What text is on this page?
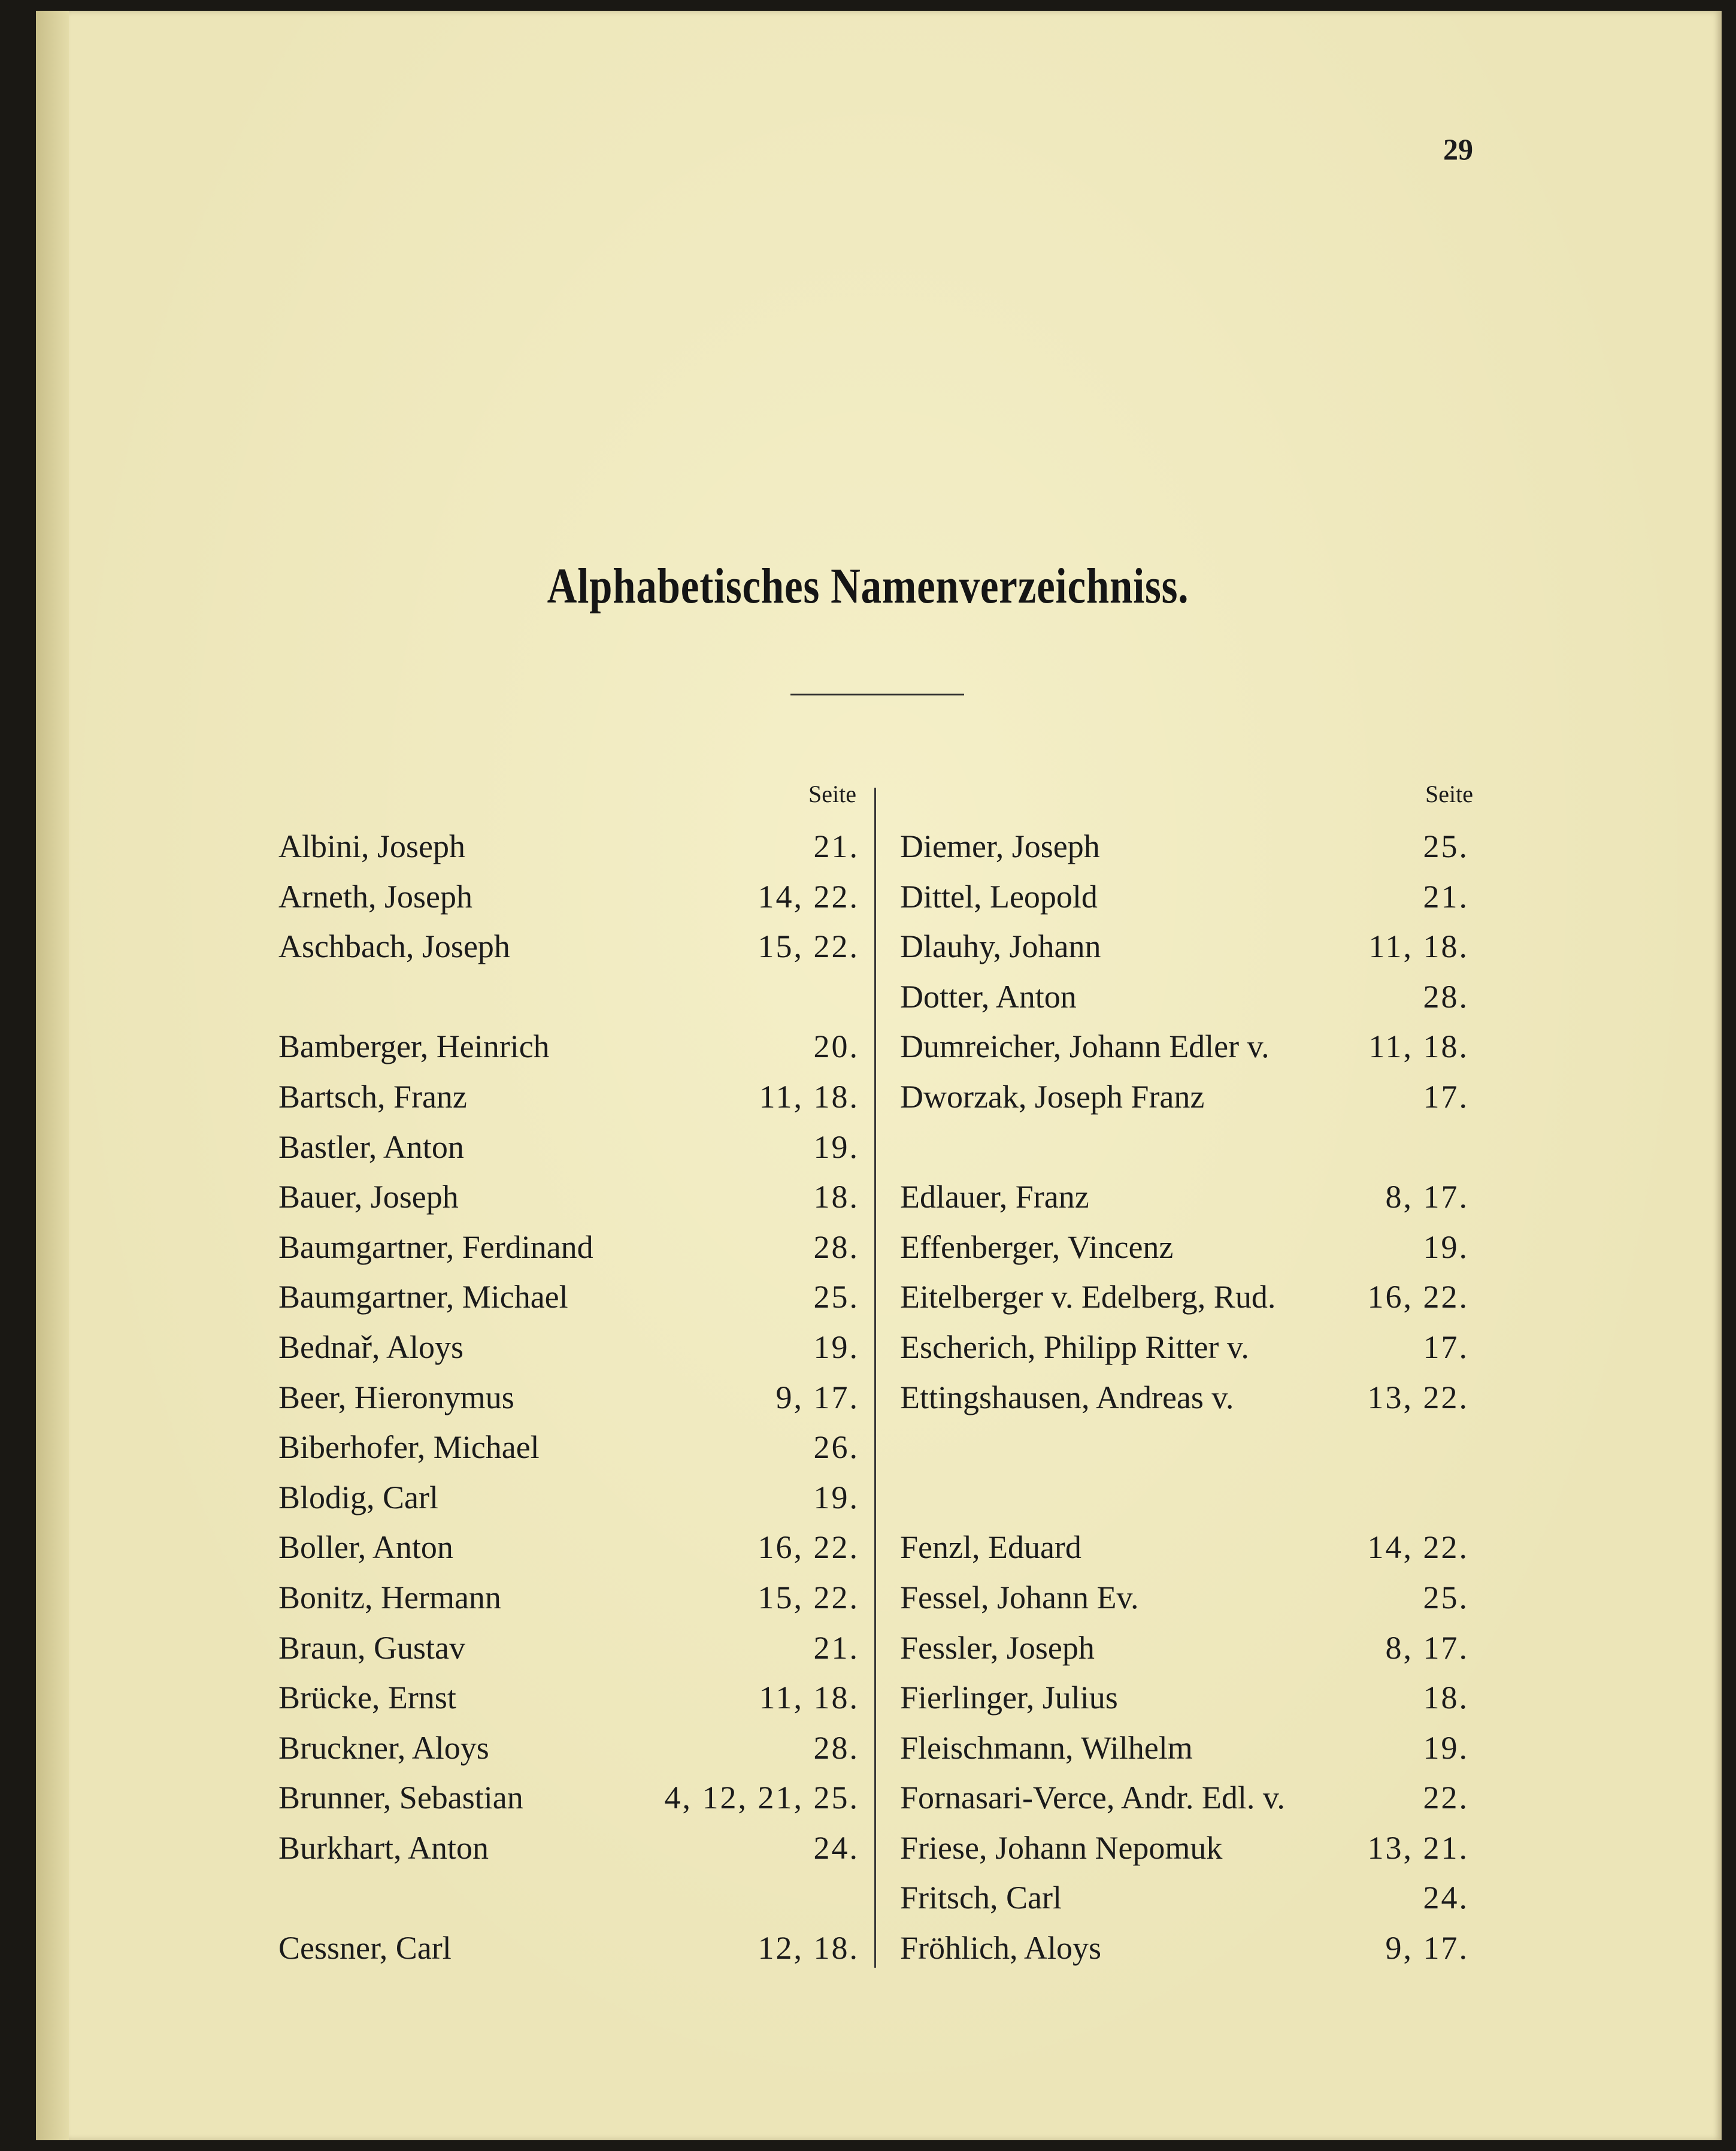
29
Alphabetisches Namenverzeichniss.
Seite	Seite
Albini, Joseph	21.
Arneth, Joseph	14, 22.
Aschbach, Joseph	15, 22.
Bamberger, Heinrich	20.
Bartsch, Franz	11, 18.
Bastler, Anton	19.
Bauer, Joseph	18.
Baumgartner, Ferdinand	28.
Baumgartner, Michael	25.
Bednař, Aloys	19.
Beer, Hieronymus	9, 17.
Biberhofer, Michael	26.
Blodig, Carl	19.
Boller, Anton	16, 22.
Bonitz, Hermann	15, 22.
Braun, Gustav	21.
Brücke, Ernst	11, 18.
Bruckner, Aloys	28.
Brunner, Sebastian	4, 12, 21, 25.
Burkhart, Anton	24.
Cessner, Carl	12, 18.
Diemer, Joseph	25.
Dittel, Leopold	21.
Dlauhy, Johann	11, 18.
Dotter, Anton	28.
Dumreicher, Johann Edler v.	11, 18.
Dworzak, Joseph Franz	17.
Edlauer, Franz	8, 17.
Effenberger, Vincenz	19.
Eitelberger v. Edelberg, Rud.	16, 22.
Escherich, Philipp Ritter v.	17.
Ettingshausen, Andreas v.	13, 22.
Fenzl, Eduard	14, 22.
Fessel, Johann Ev.	25.
Fessler, Joseph	8, 17.
Fierlinger, Julius	18.
Fleischmann, Wilhelm	19.
Fornasari-Verce, Andr. Edl. v.	22.
Friese, Johann Nepomuk	13, 21.
Fritsch, Carl	24.
Fröhlich, Aloys	9, 17.
